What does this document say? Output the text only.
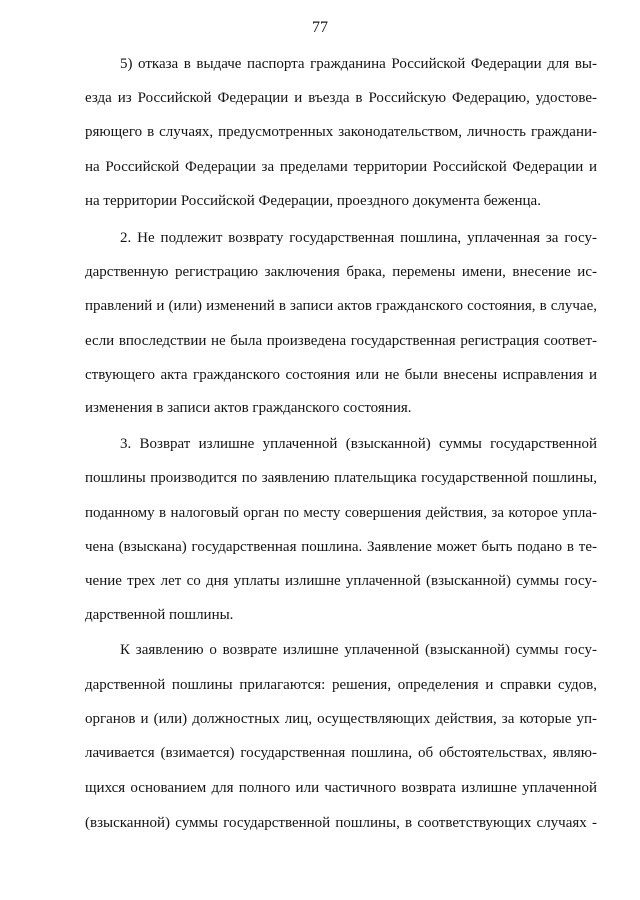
77
5) отказа в выдаче паспорта гражданина Российской Федерации для вы-
езда из Российской Федерации и въезда в Российскую Федерацию, удостове-
ряющего в случаях, предусмотренных законодательством, личность граждани-
на Российской Федерации за пределами территории Российской Федерации и
на территории Российской Федерации, проездного документа беженца.
2. Не подлежит возврату государственная пошлина, уплаченная за госу-
дарственную регистрацию заключения брака, перемены имени, внесение ис-
правлений и (или) изменений в записи актов гражданского состояния, в случае,
если впоследствии не была произведена государственная регистрация соответ-
ствующего акта гражданского состояния или не были внесены исправления и
изменения в записи актов гражданского состояния.
3. Возврат излишне уплаченной (взысканной) суммы государственной
пошлины производится по заявлению плательщика государственной пошлины,
поданному в налоговый орган по месту совершения действия, за которое упла-
чена (взыскана) государственная пошлина. Заявление может быть подано в те-
чение трех лет со дня уплаты излишне уплаченной (взысканной) суммы госу-
дарственной пошлины.
К заявлению о возврате излишне уплаченной (взысканной) суммы госу-
дарственной пошлины прилагаются: решения, определения и справки судов,
органов и (или) должностных лиц, осуществляющих действия, за которые уп-
лачивается (взимается) государственная пошлина, об обстоятельствах, являю-
щихся основанием для полного или частичного возврата излишне уплаченной
(взысканной) суммы государственной пошлины, в соответствующих случаях -
